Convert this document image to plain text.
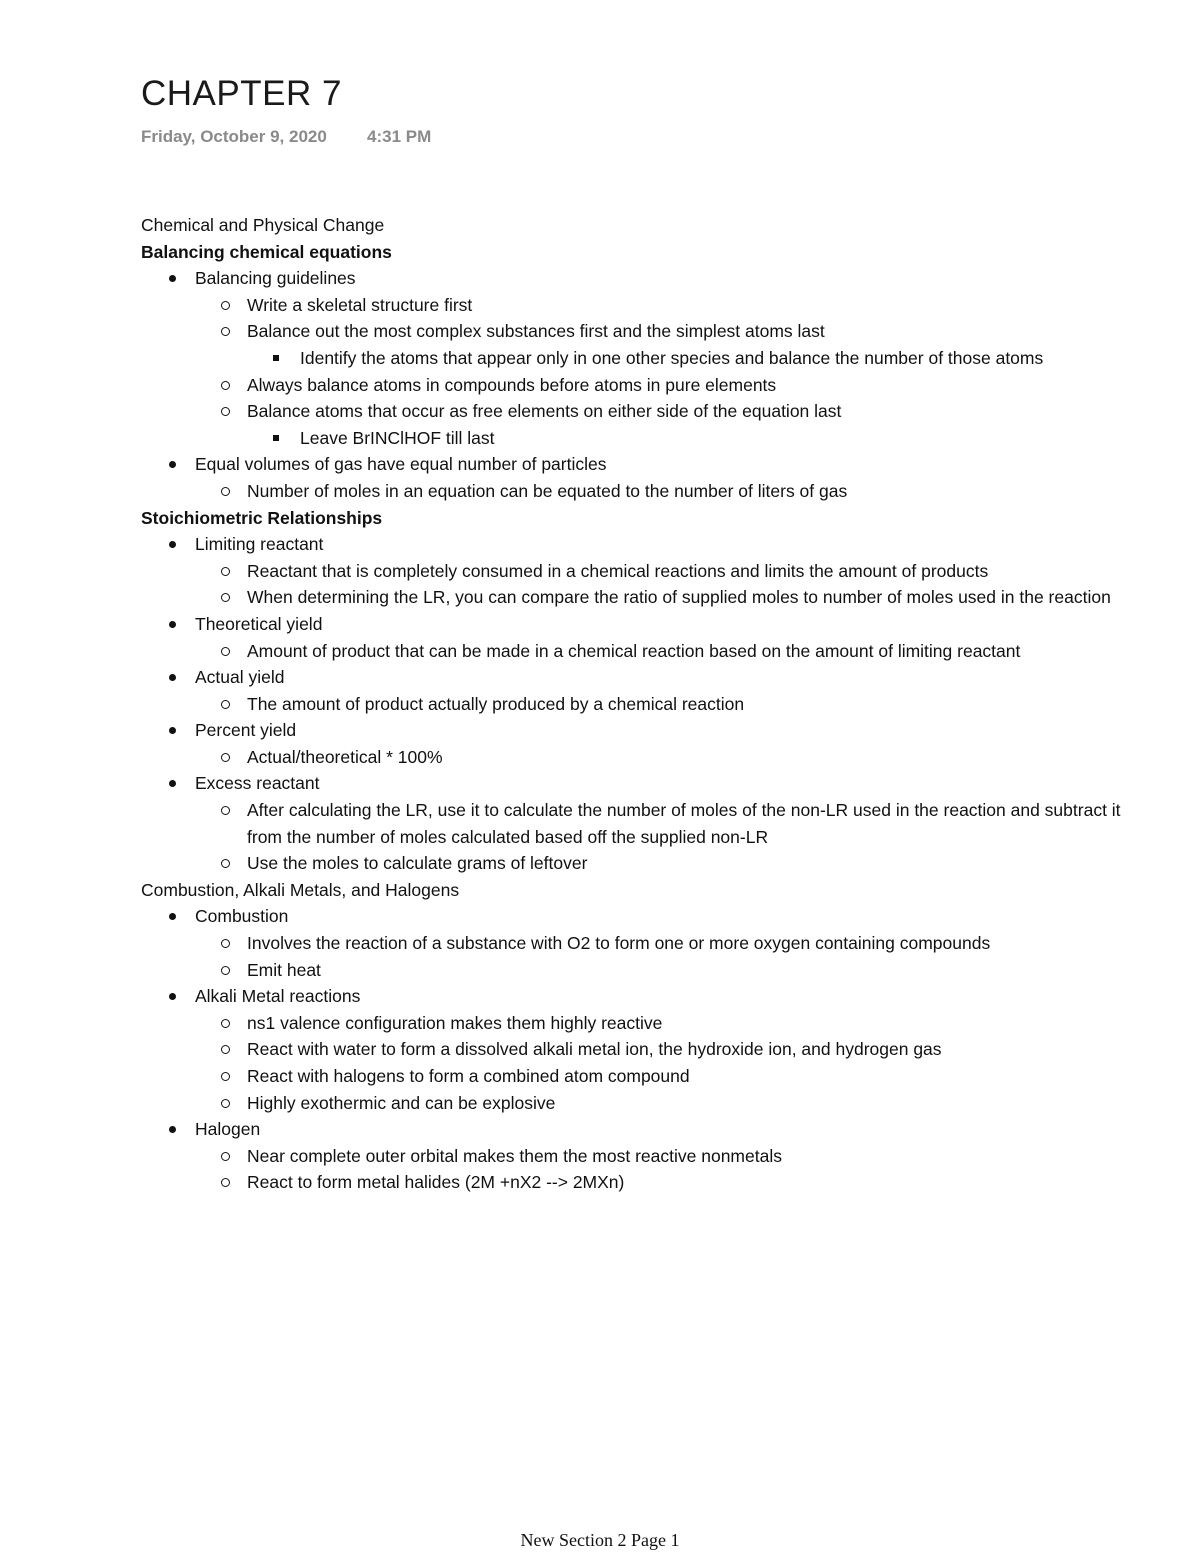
CHAPTER 7
Friday, October 9, 2020 4:31 PM
Chemical and Physical Change
Balancing chemical equations
Balancing guidelines
Write a skeletal structure first
Balance out the most complex substances first and the simplest atoms last
Identify the atoms that appear only in one other species and balance the number of those atoms
Always balance atoms in compounds before atoms in pure elements
Balance atoms that occur as free elements on either side of the equation last
Leave BrINClHOF till last
Equal volumes of gas have equal number of particles
Number of moles in an equation can be equated to the number of liters of gas
Stoichiometric Relationships
Limiting reactant
Reactant that is completely consumed in a chemical reactions and limits the amount of products
When determining the LR, you can compare the ratio of supplied moles to number of moles used in the reaction
Theoretical yield
Amount of product that can be made in a chemical reaction based on the amount of limiting reactant
Actual yield
The amount of product actually produced by a chemical reaction
Percent yield
Actual/theoretical * 100%
Excess reactant
After calculating the LR, use it to calculate the number of moles of the non-LR used in the reaction and subtract it from the number of moles calculated based off the supplied non-LR
Use the moles to calculate grams of leftover
Combustion, Alkali Metals, and Halogens
Combustion
Involves the reaction of a substance with O2 to form one or more oxygen containing compounds
Emit heat
Alkali Metal reactions
ns1 valence configuration makes them highly reactive
React with water to form a dissolved alkali metal ion, the hydroxide ion, and hydrogen gas
React with halogens to form a combined atom compound
Highly exothermic and can be explosive
Halogen
Near complete outer orbital makes them the most reactive nonmetals
React to form metal halides (2M +nX2 --> 2MXn)
New Section 2 Page 1
